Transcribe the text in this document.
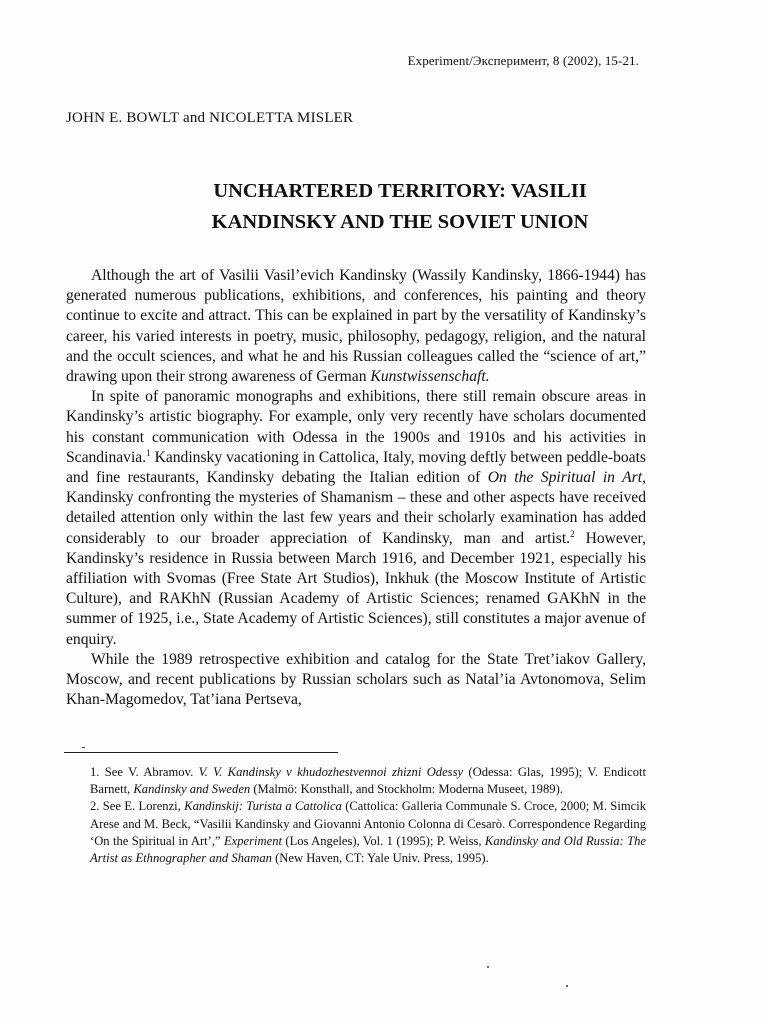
Experiment/Эксперимент, 8 (2002), 15-21.
JOHN E. BOWLT and NICOLETTA MISLER
UNCHARTERED TERRITORY: VASILII
KANDINSKY AND THE SOVIET UNION

Although the art of Vasilii Vasil’evich Kandinsky (Wassily Kandinsky, 1866-1944) has generated numerous publications, exhibitions, and conferences, his painting and theory continue to excite and attract. This can be explained in part by the versatility of Kandinsky’s career, his varied interests in poetry, music, philosophy, pedagogy, religion, and the natural and the occult sciences, and what he and his Russian colleagues called the “science of art,” drawing upon their strong awareness of German Kunstwissenschaft.

In spite of panoramic monographs and exhibitions, there still remain obscure areas in Kandinsky’s artistic biography. For example, only very recently have scholars documented his constant communication with Odessa in the 1900s and 1910s and his activities in Scandinavia.$^1$ Kandinsky vacationing in Cattolica, Italy, moving deftly between peddle-boats and fine restaurants, Kandinsky debating the Italian edition of On the Spiritual in Art, Kandinsky confronting the mysteries of Shamanism – these and other aspects have received detailed attention only within the last few years and their scholarly examination has added considerably to our broader appreciation of Kandinsky, man and artist.$^2$ However, Kandinsky’s residence in Russia between March 1916, and December 1921, especially his affiliation with Svomas (Free State Art Studios), Inkhuk (the Moscow Institute of Artistic Culture), and RAKhN (Russian Academy of Artistic Sciences; renamed GAKhN in the summer of 1925, i.e., State Academy of Artistic Sciences), still constitutes a major avenue of enquiry.

While the 1989 retrospective exhibition and catalog for the State Tret’iakov Gallery, Moscow, and recent publications by Russian scholars such as Natal’ia Avtonomova, Selim Khan-Magomedov, Tat’iana Pertseva,

1. See V. Abramov. V. V. Kandinsky v khudozhestvennoi zhizni Odessy (Odessa: Glas, 1995); V. Endicott Barnett, Kandinsky and Sweden (Malmö: Konsthall, and Stockholm: Moderna Museet, 1989).

2. See E. Lorenzi, Kandinskij: Turista a Cattolica (Cattolica: Galleria Communale S. Croce, 2000; M. Simcik Arese and M. Beck, “Vasilii Kandinsky and Giovanni Antonio Colonna di Cesarò. Correspondence Regarding ‘On the Spiritual in Art’,” Experiment (Los Angeles), Vol. 1 (1995); P. Weiss, Kandinsky and Old Russia: The Artist as Ethnographer and Shaman (New Haven, CT: Yale Univ. Press, 1995).
